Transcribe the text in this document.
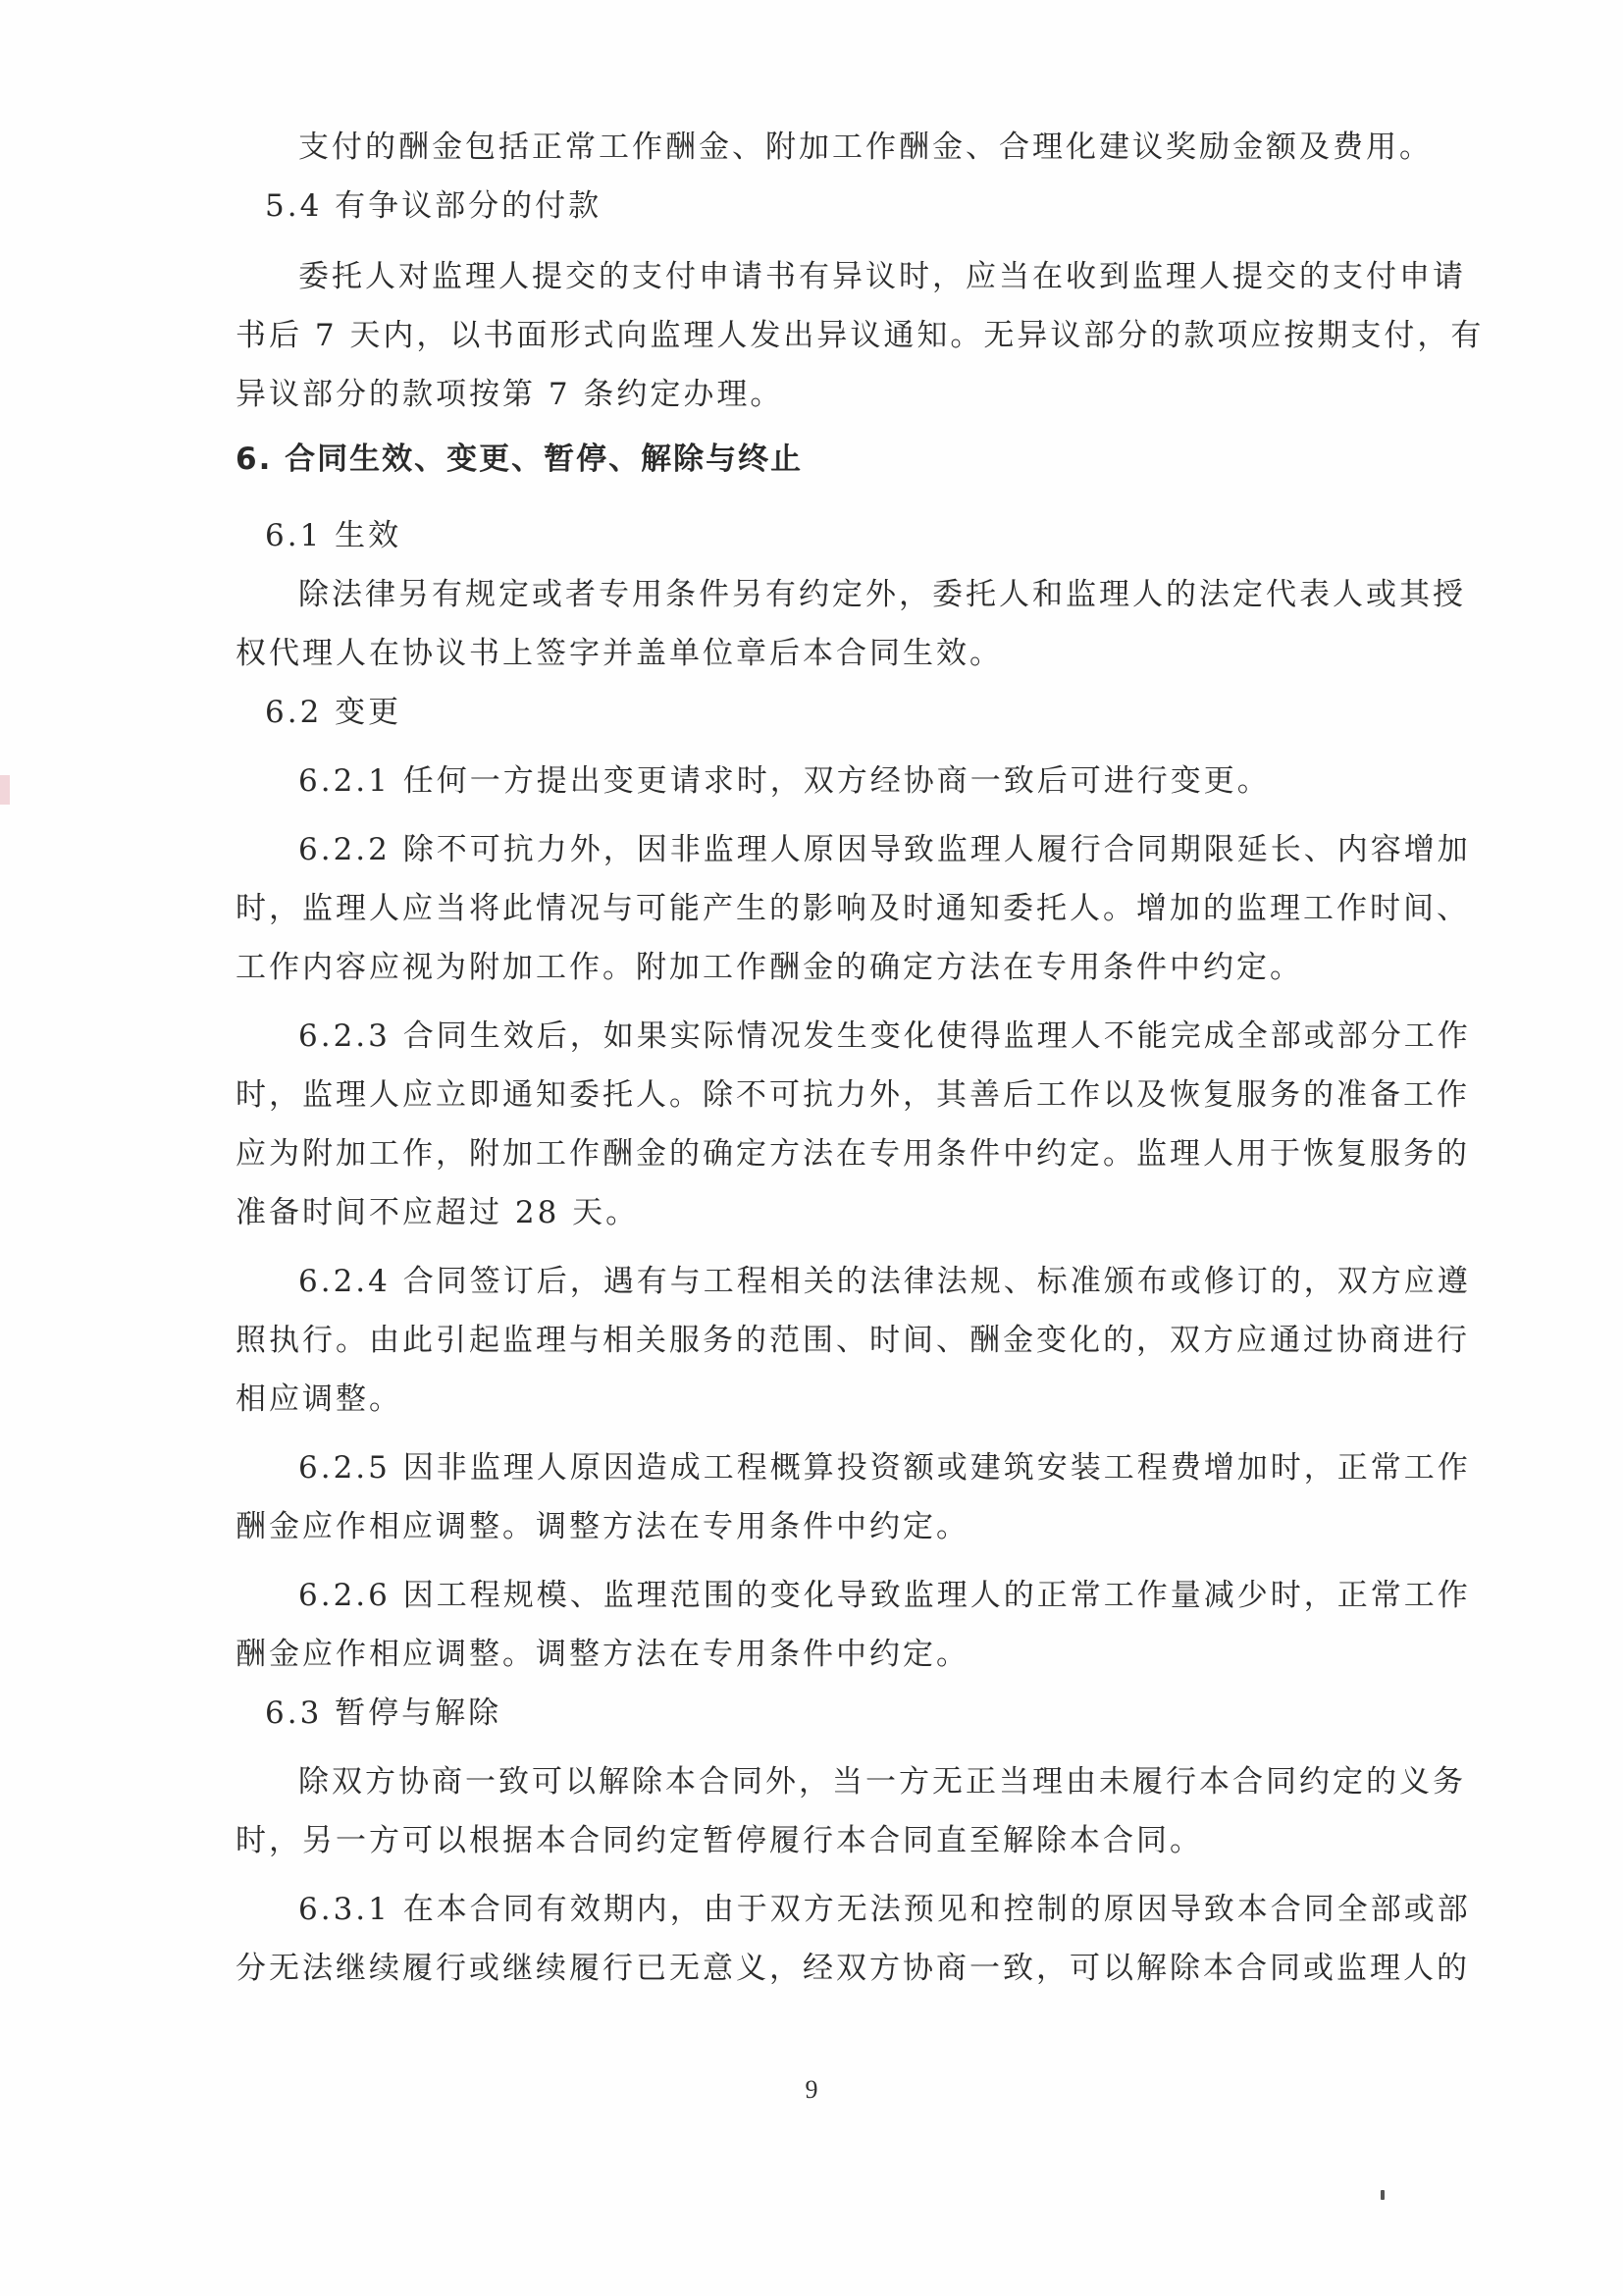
支付的酬金包括正常工作酬金、附加工作酬金、合理化建议奖励金额及费用。
5.4 有争议部分的付款
委托人对监理人提交的支付申请书有异议时，应当在收到监理人提交的支付申请
书后 7 天内，以书面形式向监理人发出异议通知。无异议部分的款项应按期支付，有
异议部分的款项按第 7 条约定办理。
6. 合同生效、变更、暂停、解除与终止
6.1 生效
除法律另有规定或者专用条件另有约定外，委托人和监理人的法定代表人或其授
权代理人在协议书上签字并盖单位章后本合同生效。
6.2 变更
6.2.1 任何一方提出变更请求时，双方经协商一致后可进行变更。
6.2.2 除不可抗力外，因非监理人原因导致监理人履行合同期限延长、内容增加
时，监理人应当将此情况与可能产生的影响及时通知委托人。增加的监理工作时间、
工作内容应视为附加工作。附加工作酬金的确定方法在专用条件中约定。
6.2.3 合同生效后，如果实际情况发生变化使得监理人不能完成全部或部分工作
时，监理人应立即通知委托人。除不可抗力外，其善后工作以及恢复服务的准备工作
应为附加工作，附加工作酬金的确定方法在专用条件中约定。监理人用于恢复服务的
准备时间不应超过 28 天。
6.2.4 合同签订后，遇有与工程相关的法律法规、标准颁布或修订的，双方应遵
照执行。由此引起监理与相关服务的范围、时间、酬金变化的，双方应通过协商进行
相应调整。
6.2.5 因非监理人原因造成工程概算投资额或建筑安装工程费增加时，正常工作
酬金应作相应调整。调整方法在专用条件中约定。
6.2.6 因工程规模、监理范围的变化导致监理人的正常工作量减少时，正常工作
酬金应作相应调整。调整方法在专用条件中约定。
6.3 暂停与解除
除双方协商一致可以解除本合同外，当一方无正当理由未履行本合同约定的义务
时，另一方可以根据本合同约定暂停履行本合同直至解除本合同。
6.3.1 在本合同有效期内，由于双方无法预见和控制的原因导致本合同全部或部
分无法继续履行或继续履行已无意义，经双方协商一致，可以解除本合同或监理人的
9
